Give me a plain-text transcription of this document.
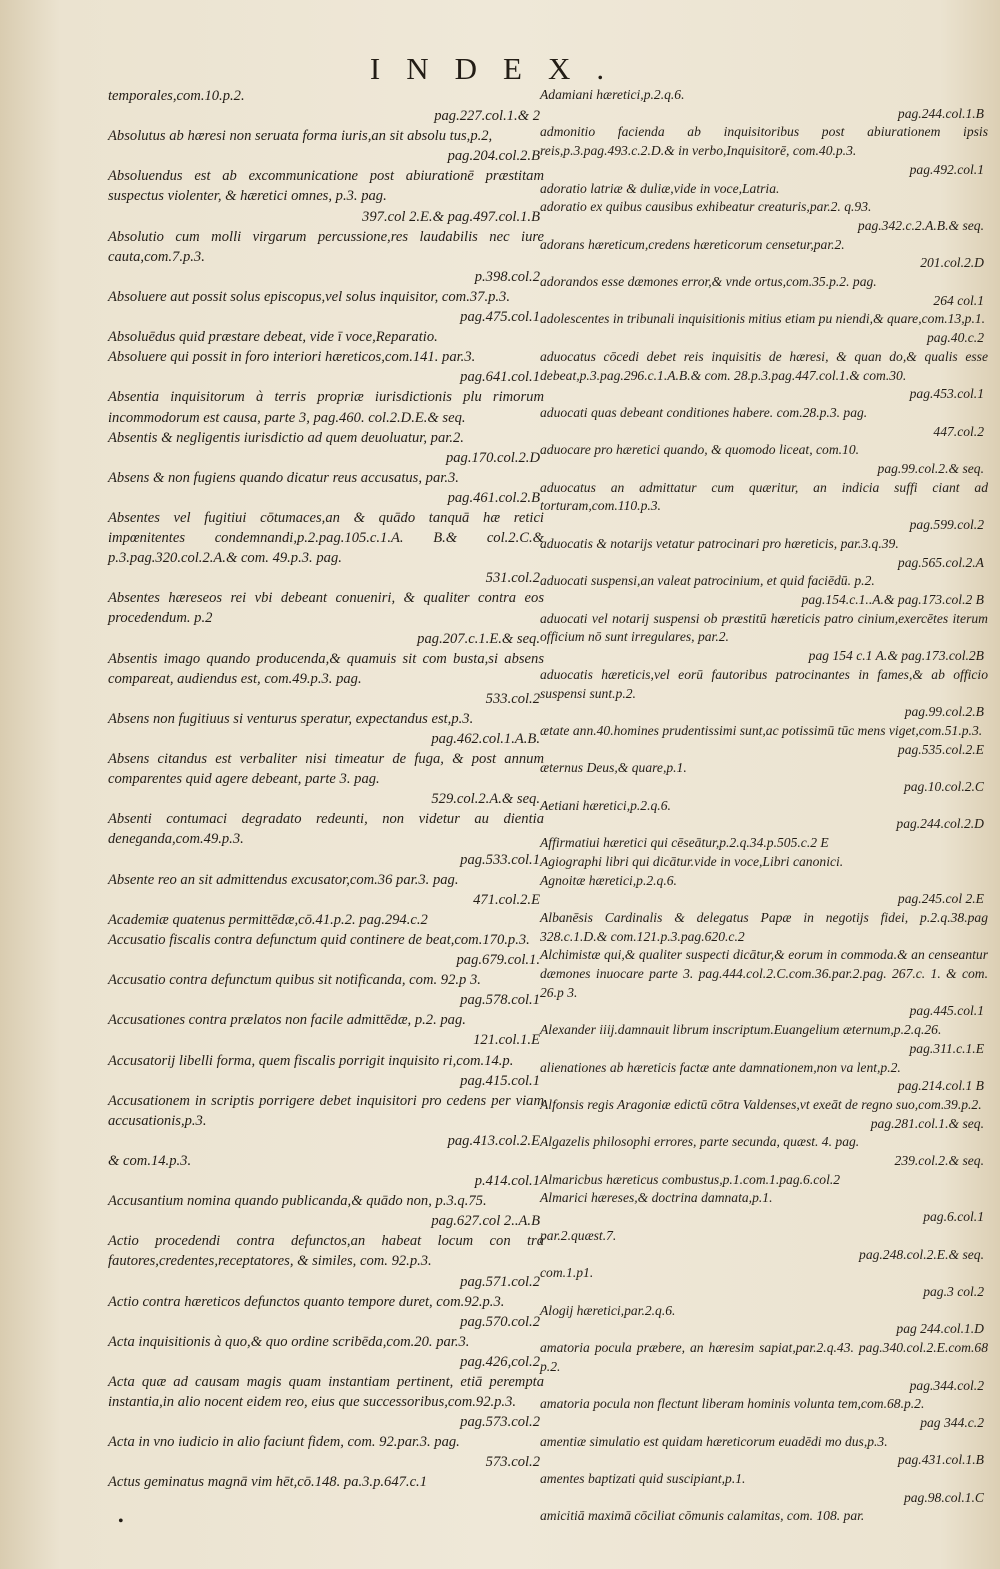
INDEX.
temporales,com.10.p.2.
pag.227.col.1.& 2
Absolutus ab hæresi non seruata forma iuris,an sit absolu tus,p.2,
pag.204.col.2.B
Absoluendus est ab excommunicatione post abiurationē præstitam suspectus violenter, & hæretici omnes, p.3. pag.
397.col 2.E.& pag.497.col.1.B
Absolutio cum molli virgarum percussione,res laudabilis nec iure cauta,com.7.p.3.
p.398.col.2
Absoluere aut possit solus episcopus,vel solus inquisitor, com.37.p.3.
pag.475.col.1
Absoluēdus quid præstare debeat, vide ī voce,Reparatio.
Absoluere qui possit in foro interiori hæreticos,com.141. par.3.
pag.641.col.1
Absentia inquisitorum à terris propriæ iurisdictionis plu rimorum incommodorum est causa, parte 3, pag.460. col.2.D.E.& seq.
Absentis & negligentis iurisdictio ad quem deuoluatur, par.2.
pag.170.col.2.D
Absens & non fugiens quando dicatur reus accusatus, par.3.
pag.461.col.2.B
Absentes vel fugitiui cōtumaces,an & quādo tanquā hæ retici impœnitentes condemnandi,p.2.pag.105.c.1.A. B.& col.2.C.& p.3.pag.320.col.2.A.& com. 49.p.3. pag.
531.col.2
Absentes hæreseos rei vbi debeant conueniri, & qualiter contra eos procedendum. p.2
pag.207.c.1.E.& seq.
Absentis imago quando producenda,& quamuis sit com busta,si absens compareat, audiendus est, com.49.p.3. pag.
533.col.2
Absens non fugitiuus si venturus speratur, expectandus est,p.3.
pag.462.col.1.A.B.
Absens citandus est verbaliter nisi timeatur de fuga, & post annum comparentes quid agere debeant, parte 3. pag.
529.col.2.A.& seq.
Absenti contumaci degradato redeunti, non videtur au dientia deneganda,com.49.p.3.
pag.533.col.1
Absente reo an sit admittendus excusator,com.36 par.3. pag.
471.col.2.E
Academiæ quatenus permittēdæ,cō.41.p.2. pag.294.c.2
Accusatio fiscalis contra defunctum quid continere de beat,com.170.p.3.
pag.679.col.1.
Accusatio contra defunctum quibus sit notificanda, com. 92.p 3.
pag.578.col.1
Accusationes contra prælatos non facile admittēdæ, p.2. pag.
121.col.1.E
Accusatorij libelli forma, quem fiscalis porrigit inquisito ri,com.14.p.
pag.415.col.1
Accusationem in scriptis porrigere debet inquisitori pro cedens per viam accusationis,p.3.
pag.413.col.2.E
& com.14.p.3.
p.414.col.1
Accusantium nomina quando publicanda,& quādo non, p.3.q.75.
pag.627.col 2..A.B
Actio procedendi contra defunctos,an habeat locum con tra fautores,credentes,receptatores, & similes, com. 92.p.3.
pag.571.col.2
Actio contra hæreticos defunctos quanto tempore duret, com.92.p.3.
pag.570.col.2
Acta inquisitionis à quo,& quo ordine scribēda,com.20. par.3.
pag.426,col.2
Acta quæ ad causam magis quam instantiam pertinent, etiā perempta instantia,in alio nocent eidem reo, eius que successoribus,com.92.p.3.
pag.573.col.2
Acta in vno iudicio in alio faciunt fidem, com. 92.par.3. pag.
573.col.2
Actus geminatus magnā vim hēt,cō.148. pa.3.p.647.c.1
Adamiani hæretici,p.2.q.6.
pag.244.col.1.B
admonitio facienda ab inquisitoribus post abiurationem ipsis reis,p.3.pag.493.c.2.D.& in verbo,Inquisitorē, com.40.p.3.
pag.492.col.1
adoratio latriæ & duliæ,vide in voce,Latria.
adoratio ex quibus causibus exhibeatur creaturis,par.2. q.93.
pag.342.c.2.A.B.& seq.
adorans hæreticum,credens hæreticorum censetur,par.2.
201.col.2.D
adorandos esse dæmones error,& vnde ortus,com.35.p.2. pag.
264 col.1
adolescentes in tribunali inquisitionis mitius etiam pu niendi,& quare,com.13,p.1.
pag.40.c.2
aduocatus cōcedi debet reis inquisitis de hæresi, & quan do,& qualis esse debeat,p.3.pag.296.c.1.A.B.& com. 28.p.3.pag.447.col.1.& com.30.
pag.453.col.1
aduocati quas debeant conditiones habere. com.28.p.3. pag.
447.col.2
aduocare pro hæretici quando, & quomodo liceat, com.10.
pag.99.col.2.& seq.
aduocatus an admittatur cum quæritur, an indicia suffi ciant ad torturam,com.110.p.3.
pag.599.col.2
aduocatis & notarijs vetatur patrocinari pro hæreticis, par.3.q.39.
pag.565.col.2.A
aduocati suspensi,an valeat patrocinium, et quid faciēdū. p.2.
pag.154.c.1..A.& pag.173.col.2 B
aduocati vel notarij suspensi ob præstitū hæreticis patro cinium,exercētes iterum officium nō sunt irregulares, par.2.
pag 154 c.1 A.& pag.173.col.2B
aduocatis hæreticis,vel eorū fautoribus patrocinantes in fames,& ab officio suspensi sunt.p.2.
pag.99.col.2.B
ætate ann.40.homines prudentissimi sunt,ac potissimū tūc mens viget,com.51.p.3.
pag.535.col.2.E
æternus Deus,& quare,p.1.
pag.10.col.2.C
Aetiani hæretici,p.2.q.6.
pag.244.col.2.D
Affirmatiui hæretici qui cēseātur,p.2.q.34.p.505.c.2 E
Agiographi libri qui dicātur.vide in voce,Libri canonici.
Agnoitæ hæretici,p.2.q.6.
pag.245.col 2.E
Albanēsis Cardinalis & delegatus Papæ in negotijs fidei, p.2.q.38.pag 328.c.1.D.& com.121.p.3.pag.620.c.2
Alchimistæ qui,& qualiter suspecti dicātur,& eorum in commoda.& an censeantur dæmones inuocare parte 3. pag.444.col.2.C.com.36.par.2.pag. 267.c. 1. & com. 26.p 3.
pag.445.col.1
Alexander iiij.damnauit librum inscriptum.Euangelium æternum,p.2.q.26.
pag.311.c.1.E
alienationes ab hæreticis factæ ante damnationem,non va lent,p.2.
pag.214.col.1 B
Alfonsis regis Aragoniæ edictū cōtra Valdenses,vt exeāt de regno suo,com.39.p.2.
pag.281.col.1.& seq.
Algazelis philosophi errores, parte secunda, quæst. 4. pag.
239.col.2.& seq.
Almaricbus hæreticus combustus,p.1.com.1.pag.6.col.2
Almarici hæreses,& doctrina damnata,p.1.
pag.6.col.1
par.2.quæst.7.
pag.248.col.2.E.& seq.
com.1.p1.
pag.3 col.2
Alogij hæretici,par.2.q.6.
pag 244.col.1.D
amatoria pocula præbere, an hæresim sapiat,par.2.q.43. pag.340.col.2.E.com.68 p.2.
pag.344.col.2
amatoria pocula non flectunt liberam hominis volunta tem,com.68.p.2.
pag 344.c.2
amentiæ simulatio est quidam hæreticorum euadēdi mo dus,p.3.
pag.431.col.1.B
amentes baptizati quid suscipiant,p.1.
pag.98.col.1.C
amicitiā maximā cōciliat cōmunis calamitas, com. 108. par.
•
